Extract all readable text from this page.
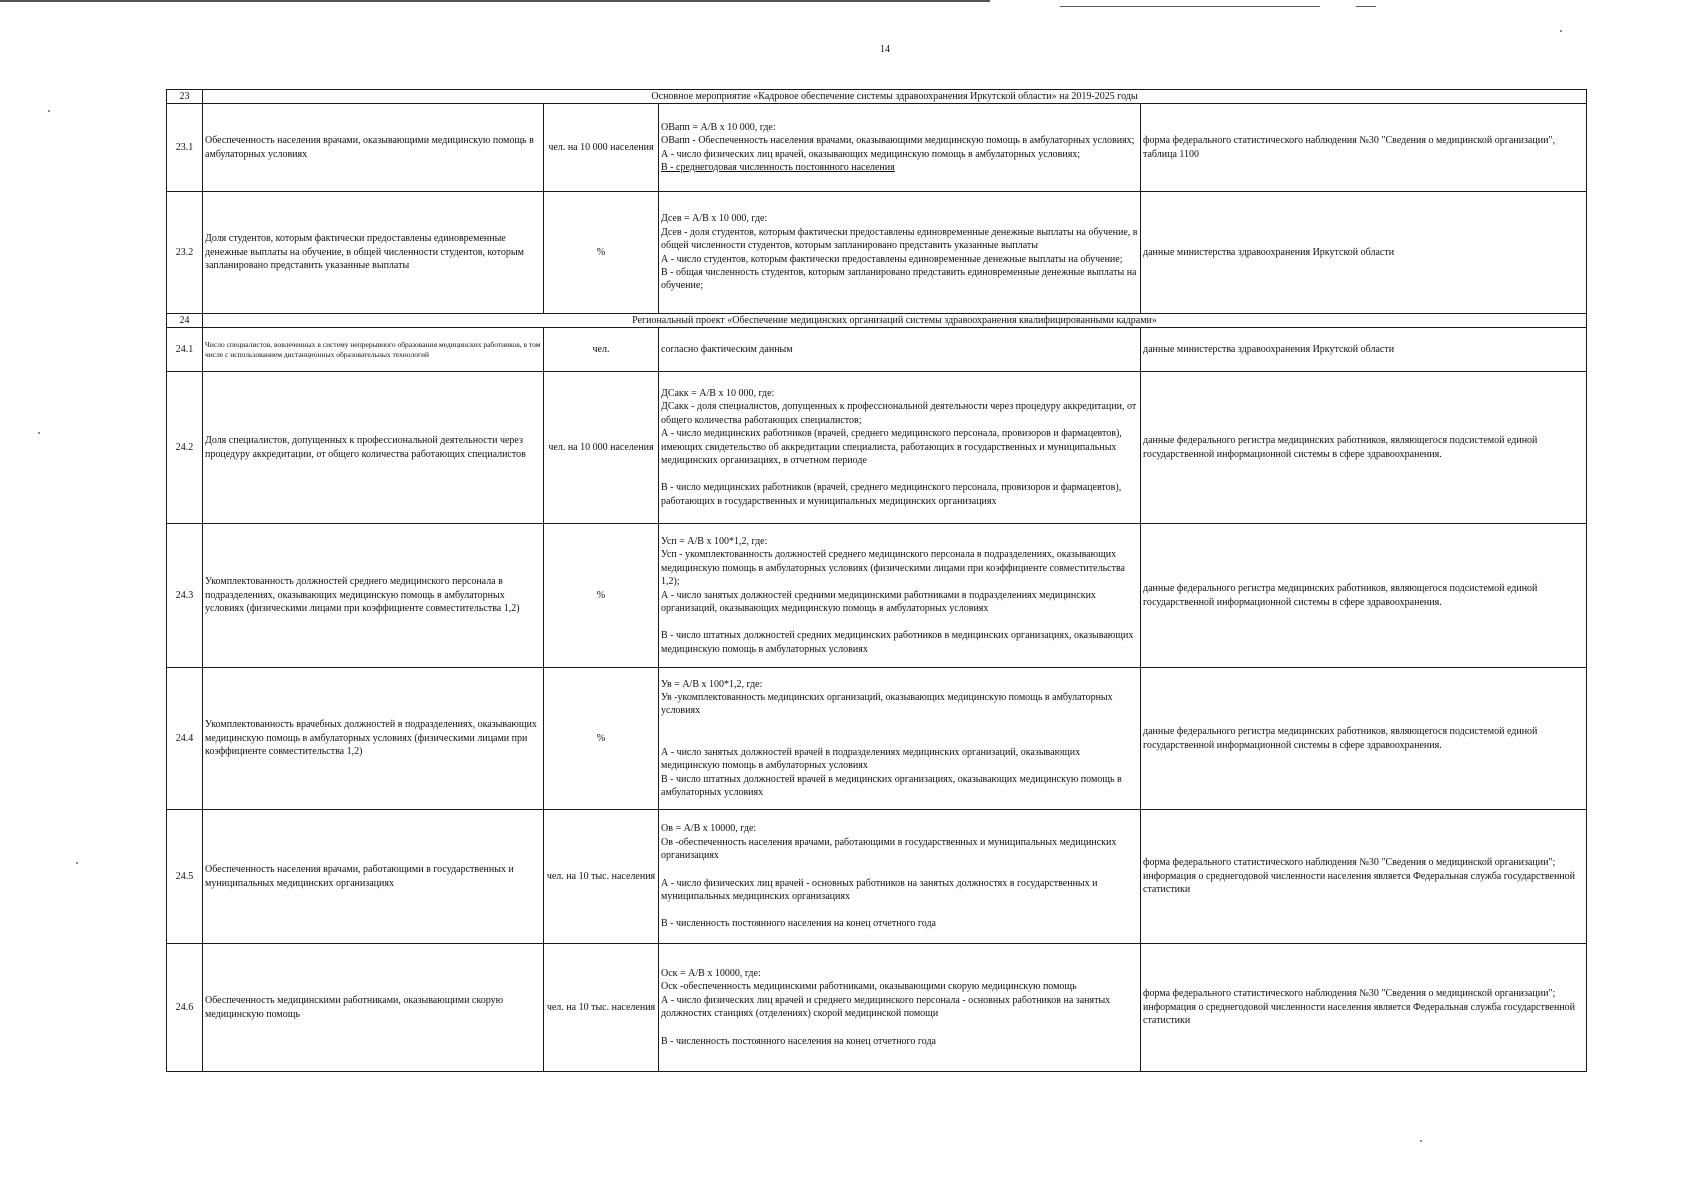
14
23	Основное мероприятие «Кадровое обеспечение системы здравоохранения Иркутской области» на 2019-2025 годы			
23.1	Обеспеченность населения врачами, оказывающими медицинскую помощь в амбулаторных условиях	чел. на 10 000 населения	ОВапп = А/В х 10 000, где:
ОВапп - Обеспеченность населения врачами, оказывающими медицинскую помощь в амбулаторных условиях;
А - число физических лиц врачей, оказывающих медицинскую помощь в амбулаторных условиях;
В - среднегодовая численность постоянного населения	форма федерального статистического наблюдения №30 "Сведения о медицинской организации", таблица 1100
23.2	Доля студентов, которым фактически предоставлены единовременные денежные выплаты на обучение, в общей численности студентов, которым запланировано представить указанные выплаты	%	Дсев = А/В х 10 000, где:
Дсев - доля студентов, которым фактически предоставлены единовременные денежные выплаты на обучение, в общей численности студентов, которым запланировано представить указанные выплаты
А - число студентов, которым фактически предоставлены единовременные денежные выплаты на обучение;
В - общая численность студентов, которым запланировано представить единовременные денежные выплаты на обучение;	данные министерства здравоохранения Иркутской области
24	Региональный проект «Обеспечение медицинских организаций системы здравоохранения квалифицированными кадрами»			
24.1	Число специалистов, вовлеченных в систему непрерывного образования медицинских работников, в том числе с использованием дистанционных образовательных технологий	чел.	согласно фактическим данным	данные министерства здравоохранения Иркутской области
24.2	Доля специалистов, допущенных к профессиональной деятельности через процедуру аккредитации, от общего количества работающих специалистов	чел. на 10 000 населения	ДСакк = А/В х 10 000, где:
ДСакк - доля специалистов, допущенных к профессиональной деятельности через процедуру аккредитации, от общего количества работающих специалистов;
А - число медицинских работников (врачей, среднего медицинского персонала, провизоров и фармацевтов), имеющих свидетельство об аккредитации специалиста, работающих в государственных и муниципальных медицинских организациях, в отчетном периоде
В - число медицинских работников (врачей, среднего медицинского персонала, провизоров и фармацевтов), работающих в государственных и муниципальных медицинских организациях	данные федерального регистра медицинских работников, являющегося подсистемой единой государственной информационной системы в сфере здравоохранения.
24.3	Укомплектованность должностей среднего медицинского персонала в подразделениях, оказывающих медицинскую помощь в амбулаторных условиях (физическими лицами при коэффициенте совместительства 1,2)	%	Усп = А/В х 100*1,2, где:
Усп - укомплектованность должностей среднего медицинского персонала в подразделениях, оказывающих медицинскую помощь в амбулаторных условиях (физическими лицами при коэффициенте совместительства 1,2);
А - число занятых должностей средними медицинскими работниками в подразделениях медицинских организаций, оказывающих медицинскую помощь в амбулаторных условиях
В - число штатных должностей средних медицинских работников в медицинских организациях, оказывающих медицинскую помощь в амбулаторных условиях	данные федерального регистра медицинских работников, являющегося подсистемой единой государственной информационной системы в сфере здравоохранения.
24.4	Укомплектованность врачебных должностей в подразделениях, оказывающих медицинскую помощь в амбулаторных условиях (физическими лицами при коэффициенте совместительства 1,2)	%	Ув = А/В х 100*1,2, где:
Ув -укомплектованность медицинских организаций, оказывающих медицинскую помощь в амбулаторных условиях
А - число занятых должностей врачей в подразделениях медицинских организаций, оказывающих медицинскую помощь в амбулаторных условиях
В - число штатных должностей врачей в медицинских организациях, оказывающих медицинскую помощь в амбулаторных условиях	данные федерального регистра медицинских работников, являющегося подсистемой единой государственной информационной системы в сфере здравоохранения.
24.5	Обеспеченность населения врачами, работающими в государственных и муниципальных медицинских организациях	чел. на 10 тыс. населения	Ов = А/В х 10000, где:
Ов -обеспеченность населения врачами, работающими в государственных и муниципальных медицинских организациях
А - число физических лиц врачей - основных работников на занятых должностях в государственных и муниципальных медицинских организациях
В - численность постоянного населения на конец отчетного года	форма федерального статистического наблюдения №30 "Сведения о медицинской организации"; информация о среднегодовой численности населения является Федеральная служба государственной статистики
24.6	Обеспеченность медицинскими работниками, оказывающими скорую медицинскую помощь	чел. на 10 тыс. населения	Оск = А/В х 10000, где:
Оск -обеспеченность медицинскими работниками, оказывающими скорую медицинскую помощь
А - число физических лиц врачей и среднего медицинского персонала - основных работников на занятых должностях станциях (отделениях) скорой медицинской помощи
В - численность постоянного населения на конец отчетного года	форма федерального статистического наблюдения №30 "Сведения о медицинской организации"; информация о среднегодовой численности населения является Федеральная служба государственной статистики
